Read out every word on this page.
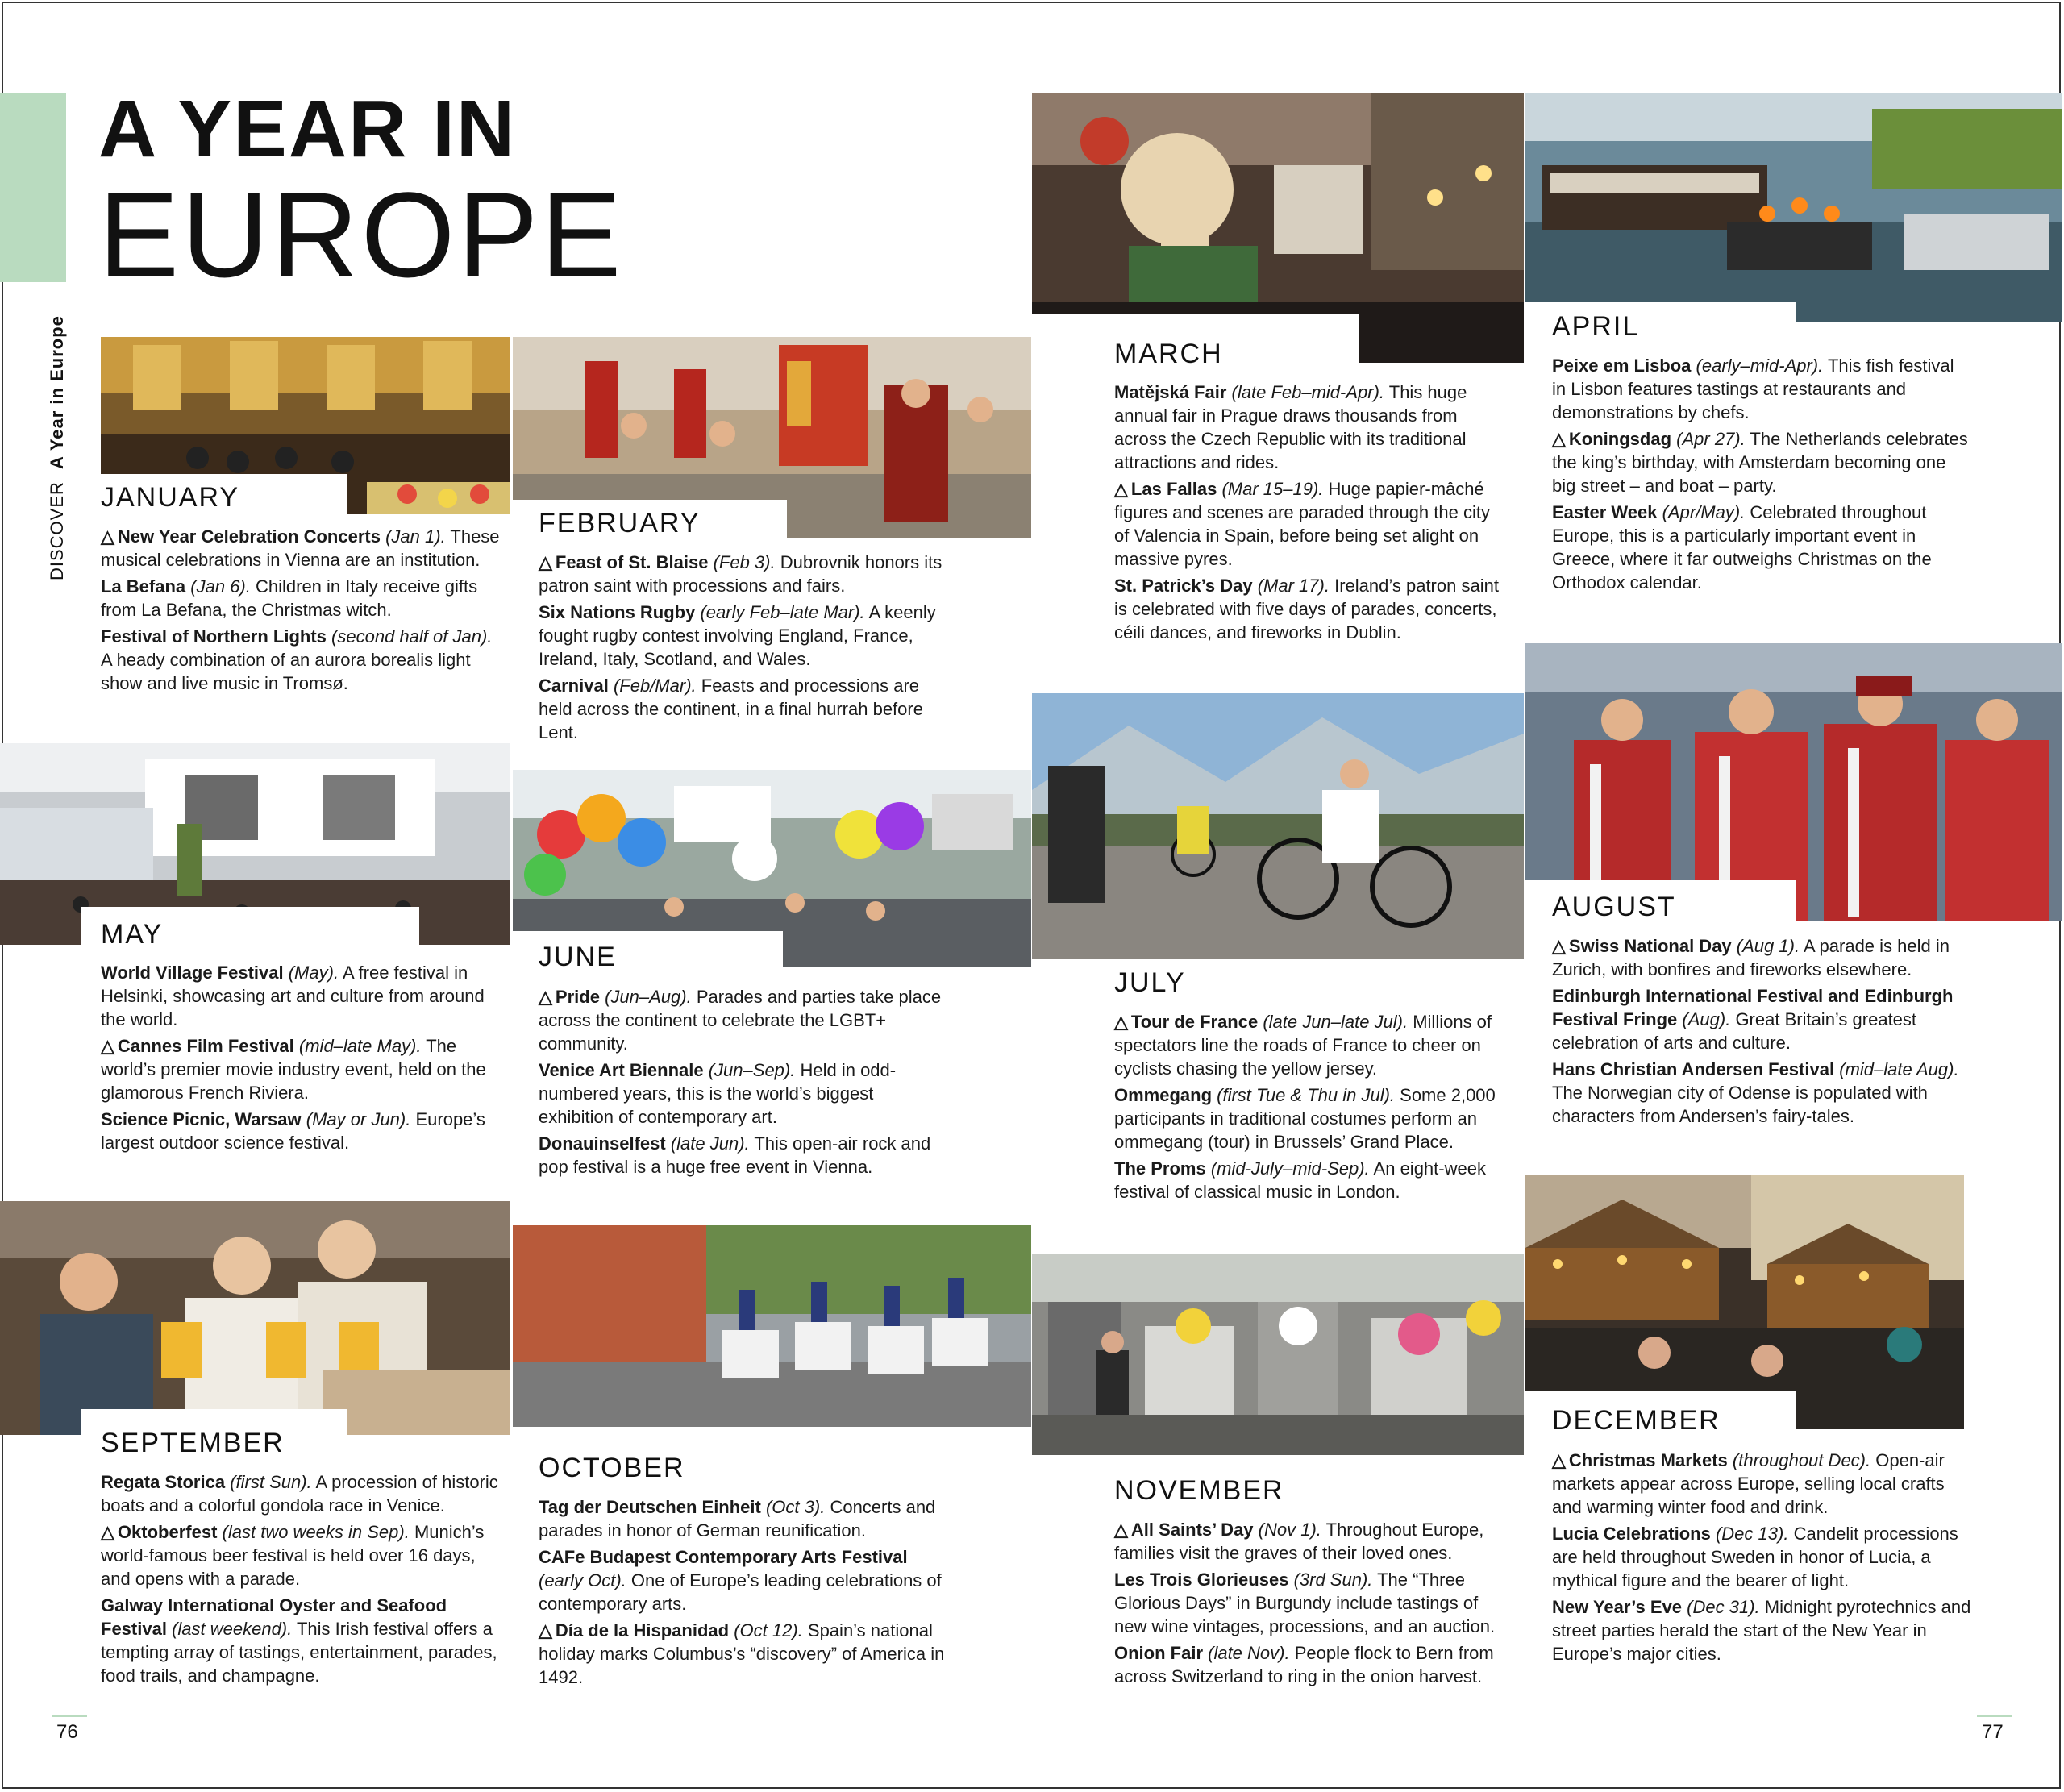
A YEAR IN
EUROPE
DISCOVER A Year in Europe
JANUARY
FEBRUARY
MARCH
APRIL
MAY
JUNE
JULY
AUGUST
SEPTEMBER
OCTOBER
NOVEMBER
DECEMBER

△ New Year Celebration Concerts (Jan 1). These musical celebrations in Vienna are an institution.

La Befana (Jan 6). Children in Italy receive gifts from La Befana, the Christmas witch.

Festival of Northern Lights (second half of Jan). A heady combination of an aurora borealis light show and live music in Tromsø.

△ Feast of St. Blaise (Feb 3). Dubrovnik honors its patron saint with processions and fairs.

Six Nations Rugby (early Feb–late Mar). A keenly fought rugby contest involving England, France, Ireland, Italy, Scotland, and Wales.

Carnival (Feb/Mar). Feasts and processions are held across the continent, in a final hurrah before Lent.

Matějská Fair (late Feb–mid-Apr). This huge annual fair in Prague draws thousands from across the Czech Republic with its traditional attractions and rides.

△ Las Fallas (Mar 15–19). Huge papier-mâché figures and scenes are paraded through the city of Valencia in Spain, before being set alight on massive pyres.

St. Patrick’s Day (Mar 17). Ireland’s patron saint is celebrated with five days of parades, concerts, céili dances, and fireworks in Dublin.

Peixe em Lisboa (early–mid-Apr). This fish festival in Lisbon features tastings at restaurants and demonstrations by chefs.

△ Koningsdag (Apr 27). The Netherlands celebrates the king’s birthday, with Amsterdam becoming one big street – and boat – party.

Easter Week (Apr/May). Celebrated throughout Europe, this is a particularly important event in Greece, where it far outweighs Christmas on the Orthodox calendar.

World Village Festival (May). A free festival in Helsinki, showcasing art and culture from around the world.

△ Cannes Film Festival (mid–late May). The world’s premier movie industry event, held on the glamorous French Riviera.

Science Picnic, Warsaw (May or Jun). Europe’s largest outdoor science festival.

△ Pride (Jun–Aug). Parades and parties take place across the continent to celebrate the LGBT+ community.

Venice Art Biennale (Jun–Sep). Held in odd-numbered years, this is the world’s biggest exhibition of contemporary art.

Donauinselfest (late Jun). This open-air rock and pop festival is a huge free event in Vienna.

△ Tour de France (late Jun–late Jul). Millions of spectators line the roads of France to cheer on cyclists chasing the yellow jersey.

Ommegang (first Tue & Thu in Jul). Some 2,000 participants in traditional costumes perform an ommegang (tour) in Brussels’ Grand Place.

The Proms (mid-July–mid-Sep). An eight-week festival of classical music in London.

△ Swiss National Day (Aug 1). A parade is held in Zurich, with bonfires and fireworks elsewhere.

Edinburgh International Festival and Edinburgh Festival Fringe (Aug). Great Britain’s greatest celebration of arts and culture.

Hans Christian Andersen Festival (mid–late Aug). The Norwegian city of Odense is populated with characters from Andersen’s fairy-tales.

Regata Storica (first Sun). A procession of historic boats and a colorful gondola race in Venice.

△ Oktoberfest (last two weeks in Sep). Munich’s world-famous beer festival is held over 16 days, and opens with a parade.

Galway International Oyster and Seafood Festival (last weekend). This Irish festival offers a tempting array of tastings, entertainment, parades, food trails, and champagne.

Tag der Deutschen Einheit (Oct 3). Concerts and parades in honor of German reunification.

CAFe Budapest Contemporary Arts Festival (early Oct). One of Europe’s leading celebrations of contemporary arts.

△ Día de la Hispanidad (Oct 12). Spain’s national holiday marks Columbus’s “discovery” of America in 1492.

△ All Saints’ Day (Nov 1). Throughout Europe, families visit the graves of their loved ones.

Les Trois Glorieuses (3rd Sun). The “Three Glorious Days” in Burgundy include tastings of new wine vintages, processions, and an auction.

Onion Fair (late Nov). People flock to Bern from across Switzerland to ring in the onion harvest.

△ Christmas Markets (throughout Dec). Open-air markets appear across Europe, selling local crafts and warming winter food and drink.

Lucia Celebrations (Dec 13). Candelit processions are held throughout Sweden in honor of Lucia, a mythical figure and the bearer of light.

New Year’s Eve (Dec 31). Midnight pyrotechnics and street parties herald the start of the New Year in Europe’s major cities.

76	77
